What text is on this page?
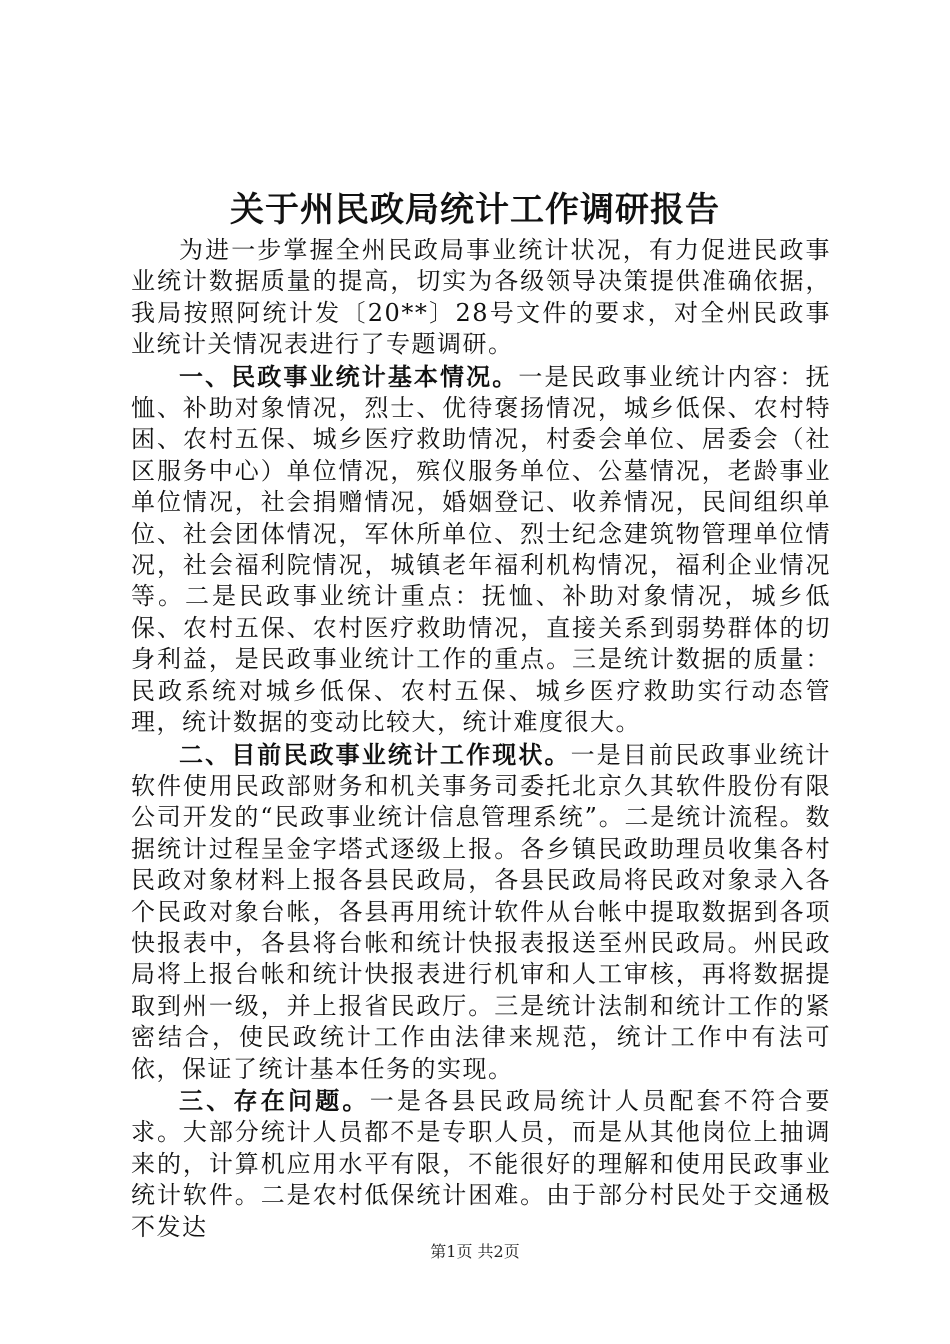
关于州民政局统计工作调研报告

为进一步掌握全州民政局事业统计状况，有力促进民政事业统计数据质量的提高，切实为各级领导决策提供准确依据，我局按照阿统计发〔20**〕28号文件的要求，对全州民政事业统计关情况表进行了专题调研。

一、民政事业统计基本情况。一是民政事业统计内容：抚恤、补助对象情况，烈士、优待褒扬情况，城乡低保、农村特困、农村五保、城乡医疗救助情况，村委会单位、居委会（社区服务中心）单位情况，殡仪服务单位、公墓情况，老龄事业单位情况，社会捐赠情况，婚姻登记、收养情况，民间组织单位、社会团体情况，军休所单位、烈士纪念建筑物管理单位情况，社会福利院情况，城镇老年福利机构情况，福利企业情况等。二是民政事业统计重点：抚恤、补助对象情况，城乡低保、农村五保、农村医疗救助情况，直接关系到弱势群体的切身利益，是民政事业统计工作的重点。三是统计数据的质量：民政系统对城乡低保、农村五保、城乡医疗救助实行动态管理，统计数据的变动比较大，统计难度很大。

二、目前民政事业统计工作现状。一是目前民政事业统计软件使用民政部财务和机关事务司委托北京久其软件股份有限公司开发的“民政事业统计信息管理系统”。二是统计流程。数据统计过程呈金字塔式逐级上报。各乡镇民政助理员收集各村民政对象材料上报各县民政局，各县民政局将民政对象录入各个民政对象台帐，各县再用统计软件从台帐中提取数据到各项快报表中，各县将台帐和统计快报表报送至州民政局。州民政局将上报台帐和统计快报表进行机审和人工审核，再将数据提取到州一级，并上报省民政厅。三是统计法制和统计工作的紧密结合，使民政统计工作由法律来规范，统计工作中有法可依，保证了统计基本任务的实现。

三、存在问题。一是各县民政局统计人员配套不符合要求。大部分统计人员都不是专职人员，而是从其他岗位上抽调来的，计算机应用水平有限，不能很好的理解和使用民政事业统计软件。二是农村低保统计困难。由于部分村民处于交通极不发达

第1页 共2页
